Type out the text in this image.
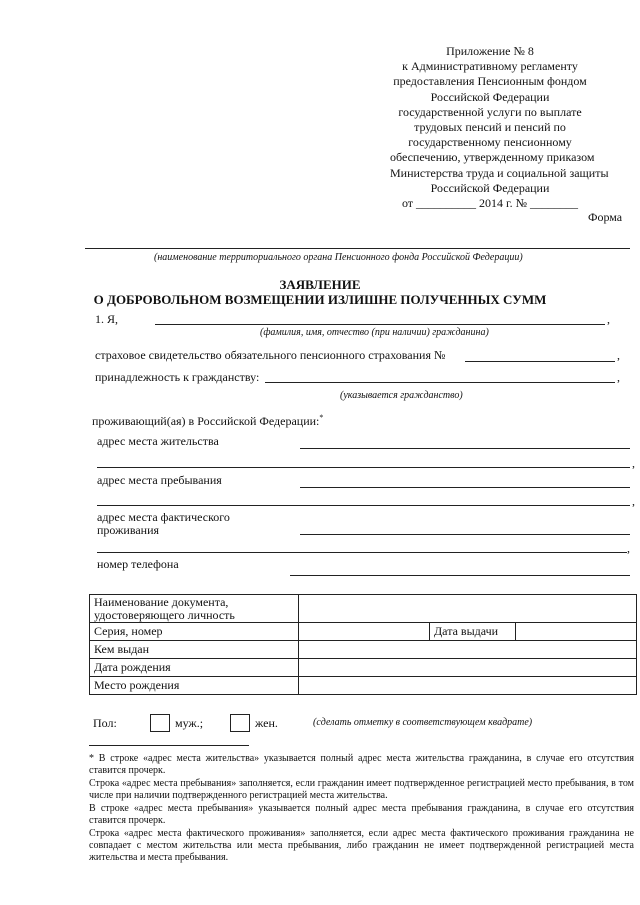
Приложение № 8
к Административному регламенту
предоставления Пенсионным фондом
Российской Федерации
государственной услуги по выплате
трудовых пенсий и пенсий по
государственному пенсионному
обеспечению, утвержденному приказом
Министерства труда и социальной защиты
Российской Федерации
от __________ 2014 г. № ________
Форма
(наименование территориального органа Пенсионного фонда Российской Федерации)
ЗАЯВЛЕНИЕ
О ДОБРОВОЛЬНОМ ВОЗМЕЩЕНИИ ИЗЛИШНЕ ПОЛУЧЕННЫХ СУММ
1. Я,	,
(фамилия, имя, отчество (при наличии) гражданина)
страховое свидетельство обязательного пенсионного страхования №	,
принадлежность к гражданству:	,
(указывается гражданство)
проживающий(ая) в Российской Федерации:*
адрес места жительства
,
адрес места пребывания
,
адрес места фактического
проживания
,
номер телефона
Наименование документа,
удостоверяющего личность			
Серия, номер		Дата выдачи	
Кем выдан			
Дата рождения			
Место рождения			
Пол:	муж.;	жен.	(сделать отметку в соответствующем квадрате)

* В строке «адрес места жительства» указывается полный адрес места жительства гражданина, в случае его отсутствия ставится прочерк.

Строка «адрес места пребывания» заполняется, если гражданин имеет подтвержденное регистрацией место пребывания, в том числе при наличии подтвержденного регистрацией места жительства.

В строке «адрес места пребывания» указывается полный адрес места пребывания гражданина, в случае его отсутствия ставится прочерк.

Строка «адрес места фактического проживания» заполняется, если адрес места фактического проживания гражданина не совпадает с местом жительства или места пребывания, либо гражданин не имеет подтвержденной регистрацией места жительства и места пребывания.
